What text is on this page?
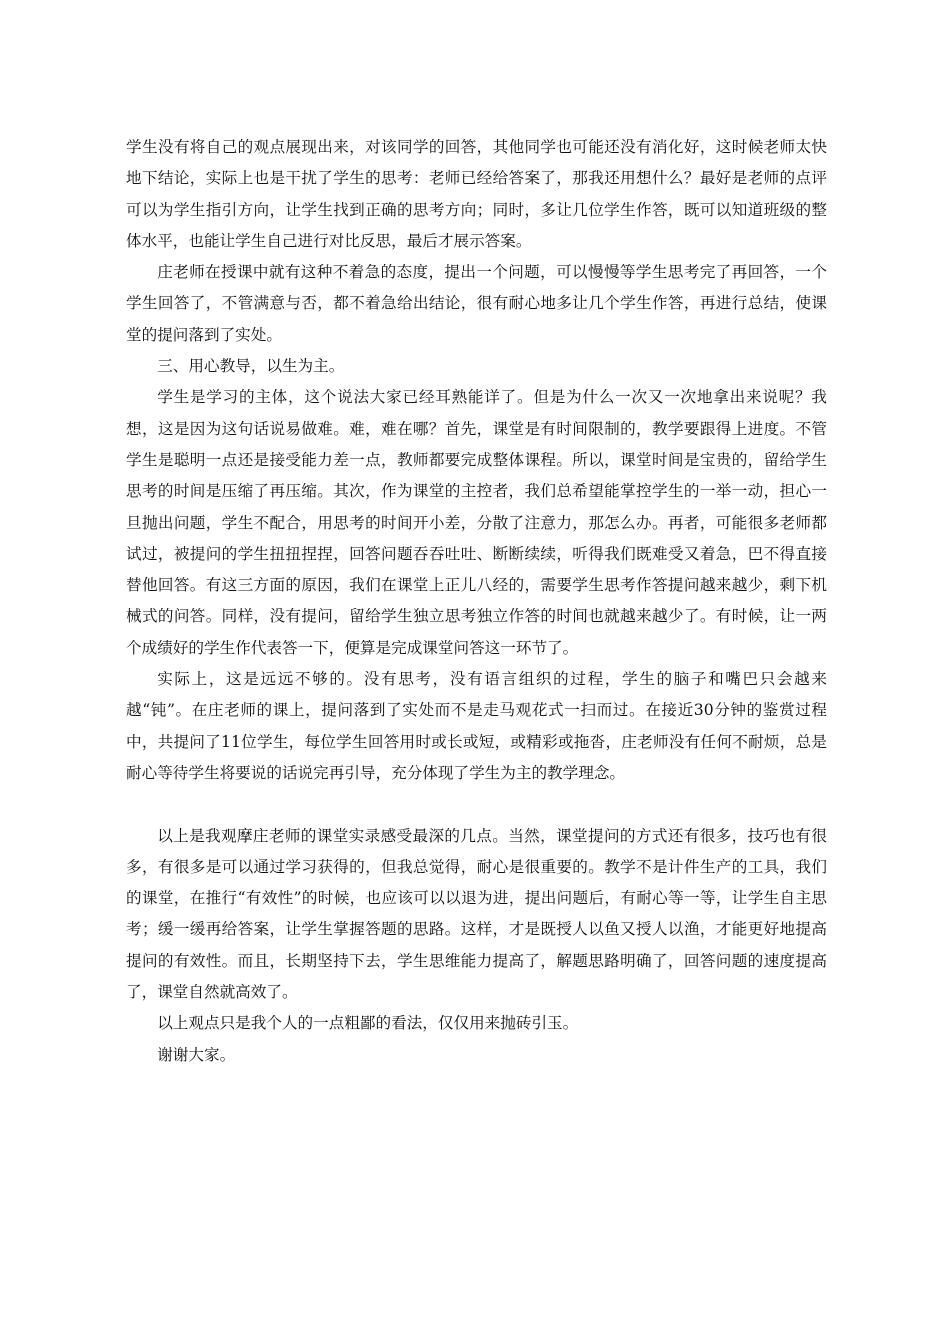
学生没有将自己的观点展现出来，对该同学的回答，其他同学也可能还没有消化好，这时候老师太快地下结论，实际上也是干扰了学生的思考：老师已经给答案了，那我还用想什么？最好是老师的点评可以为学生指引方向，让学生找到正确的思考方向；同时，多让几位学生作答，既可以知道班级的整体水平，也能让学生自己进行对比反思，最后才展示答案。

庄老师在授课中就有这种不着急的态度，提出一个问题，可以慢慢等学生思考完了再回答，一个学生回答了，不管满意与否，都不着急给出结论，很有耐心地多让几个学生作答，再进行总结，使课堂的提问落到了实处。

三、用心教导，以生为主。

学生是学习的主体，这个说法大家已经耳熟能详了。但是为什么一次又一次地拿出来说呢？我想，这是因为这句话说易做难。难，难在哪？首先，课堂是有时间限制的，教学要跟得上进度。不管学生是聪明一点还是接受能力差一点，教师都要完成整体课程。所以，课堂时间是宝贵的，留给学生思考的时间是压缩了再压缩。其次，作为课堂的主控者，我们总希望能掌控学生的一举一动，担心一旦抛出问题，学生不配合，用思考的时间开小差，分散了注意力，那怎么办。再者，可能很多老师都试过，被提问的学生扭扭捏捏，回答问题吞吞吐吐、断断续续，听得我们既难受又着急，巴不得直接替他回答。有这三方面的原因，我们在课堂上正儿八经的，需要学生思考作答提问越来越少，剩下机械式的问答。同样，没有提问，留给学生独立思考独立作答的时间也就越来越少了。有时候，让一两个成绩好的学生作代表答一下，便算是完成课堂问答这一环节了。

实际上，这是远远不够的。没有思考，没有语言组织的过程，学生的脑子和嘴巴只会越来越“钝”。在庄老师的课上，提问落到了实处而不是走马观花式一扫而过。在接近30分钟的鉴赏过程中，共提问了11位学生，每位学生回答用时或长或短，或精彩或拖沓，庄老师没有任何不耐烦，总是耐心等待学生将要说的话说完再引导，充分体现了学生为主的教学理念。

以上是我观摩庄老师的课堂实录感受最深的几点。当然，课堂提问的方式还有很多，技巧也有很多，有很多是可以通过学习获得的，但我总觉得，耐心是很重要的。教学不是计件生产的工具，我们的课堂，在推行“有效性”的时候，也应该可以以退为进，提出问题后，有耐心等一等，让学生自主思考；缓一缓再给答案，让学生掌握答题的思路。这样，才是既授人以鱼又授人以渔，才能更好地提高提问的有效性。而且，长期坚持下去，学生思维能力提高了，解题思路明确了，回答问题的速度提高了，课堂自然就高效了。

以上观点只是我个人的一点粗鄙的看法，仅仅用来抛砖引玉。

谢谢大家。
